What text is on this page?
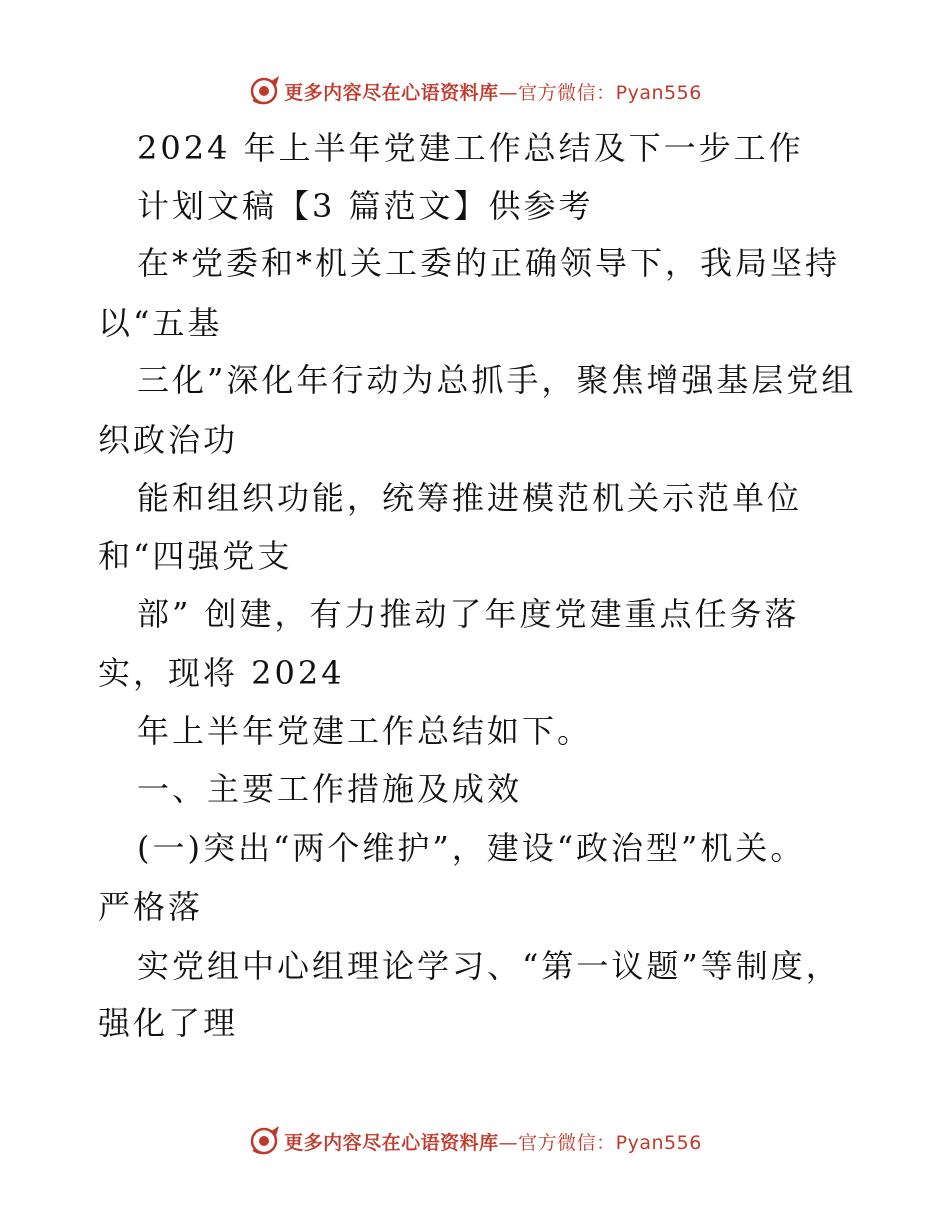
更多内容尽在心语资料库—官方微信：Pyan556
2024 年上半年党建工作总结及下一步工作
计划文稿【3 篇范文】供参考
在*党委和*机关工委的正确领导下，我局坚持
以“五基
三化”深化年行动为总抓手，聚焦增强基层党组
织政治功
能和组织功能，统筹推进模范机关示范单位
和“四强党支
部” 创建，有力推动了年度党建重点任务落
实，现将 2024
年上半年党建工作总结如下。
一、主要工作措施及成效
(一)突出“两个维护”，建设“政治型”机关。
严格落
实党组中心组理论学习、“第一议题”等制度，
强化了理
更多内容尽在心语资料库—官方微信：Pyan556
